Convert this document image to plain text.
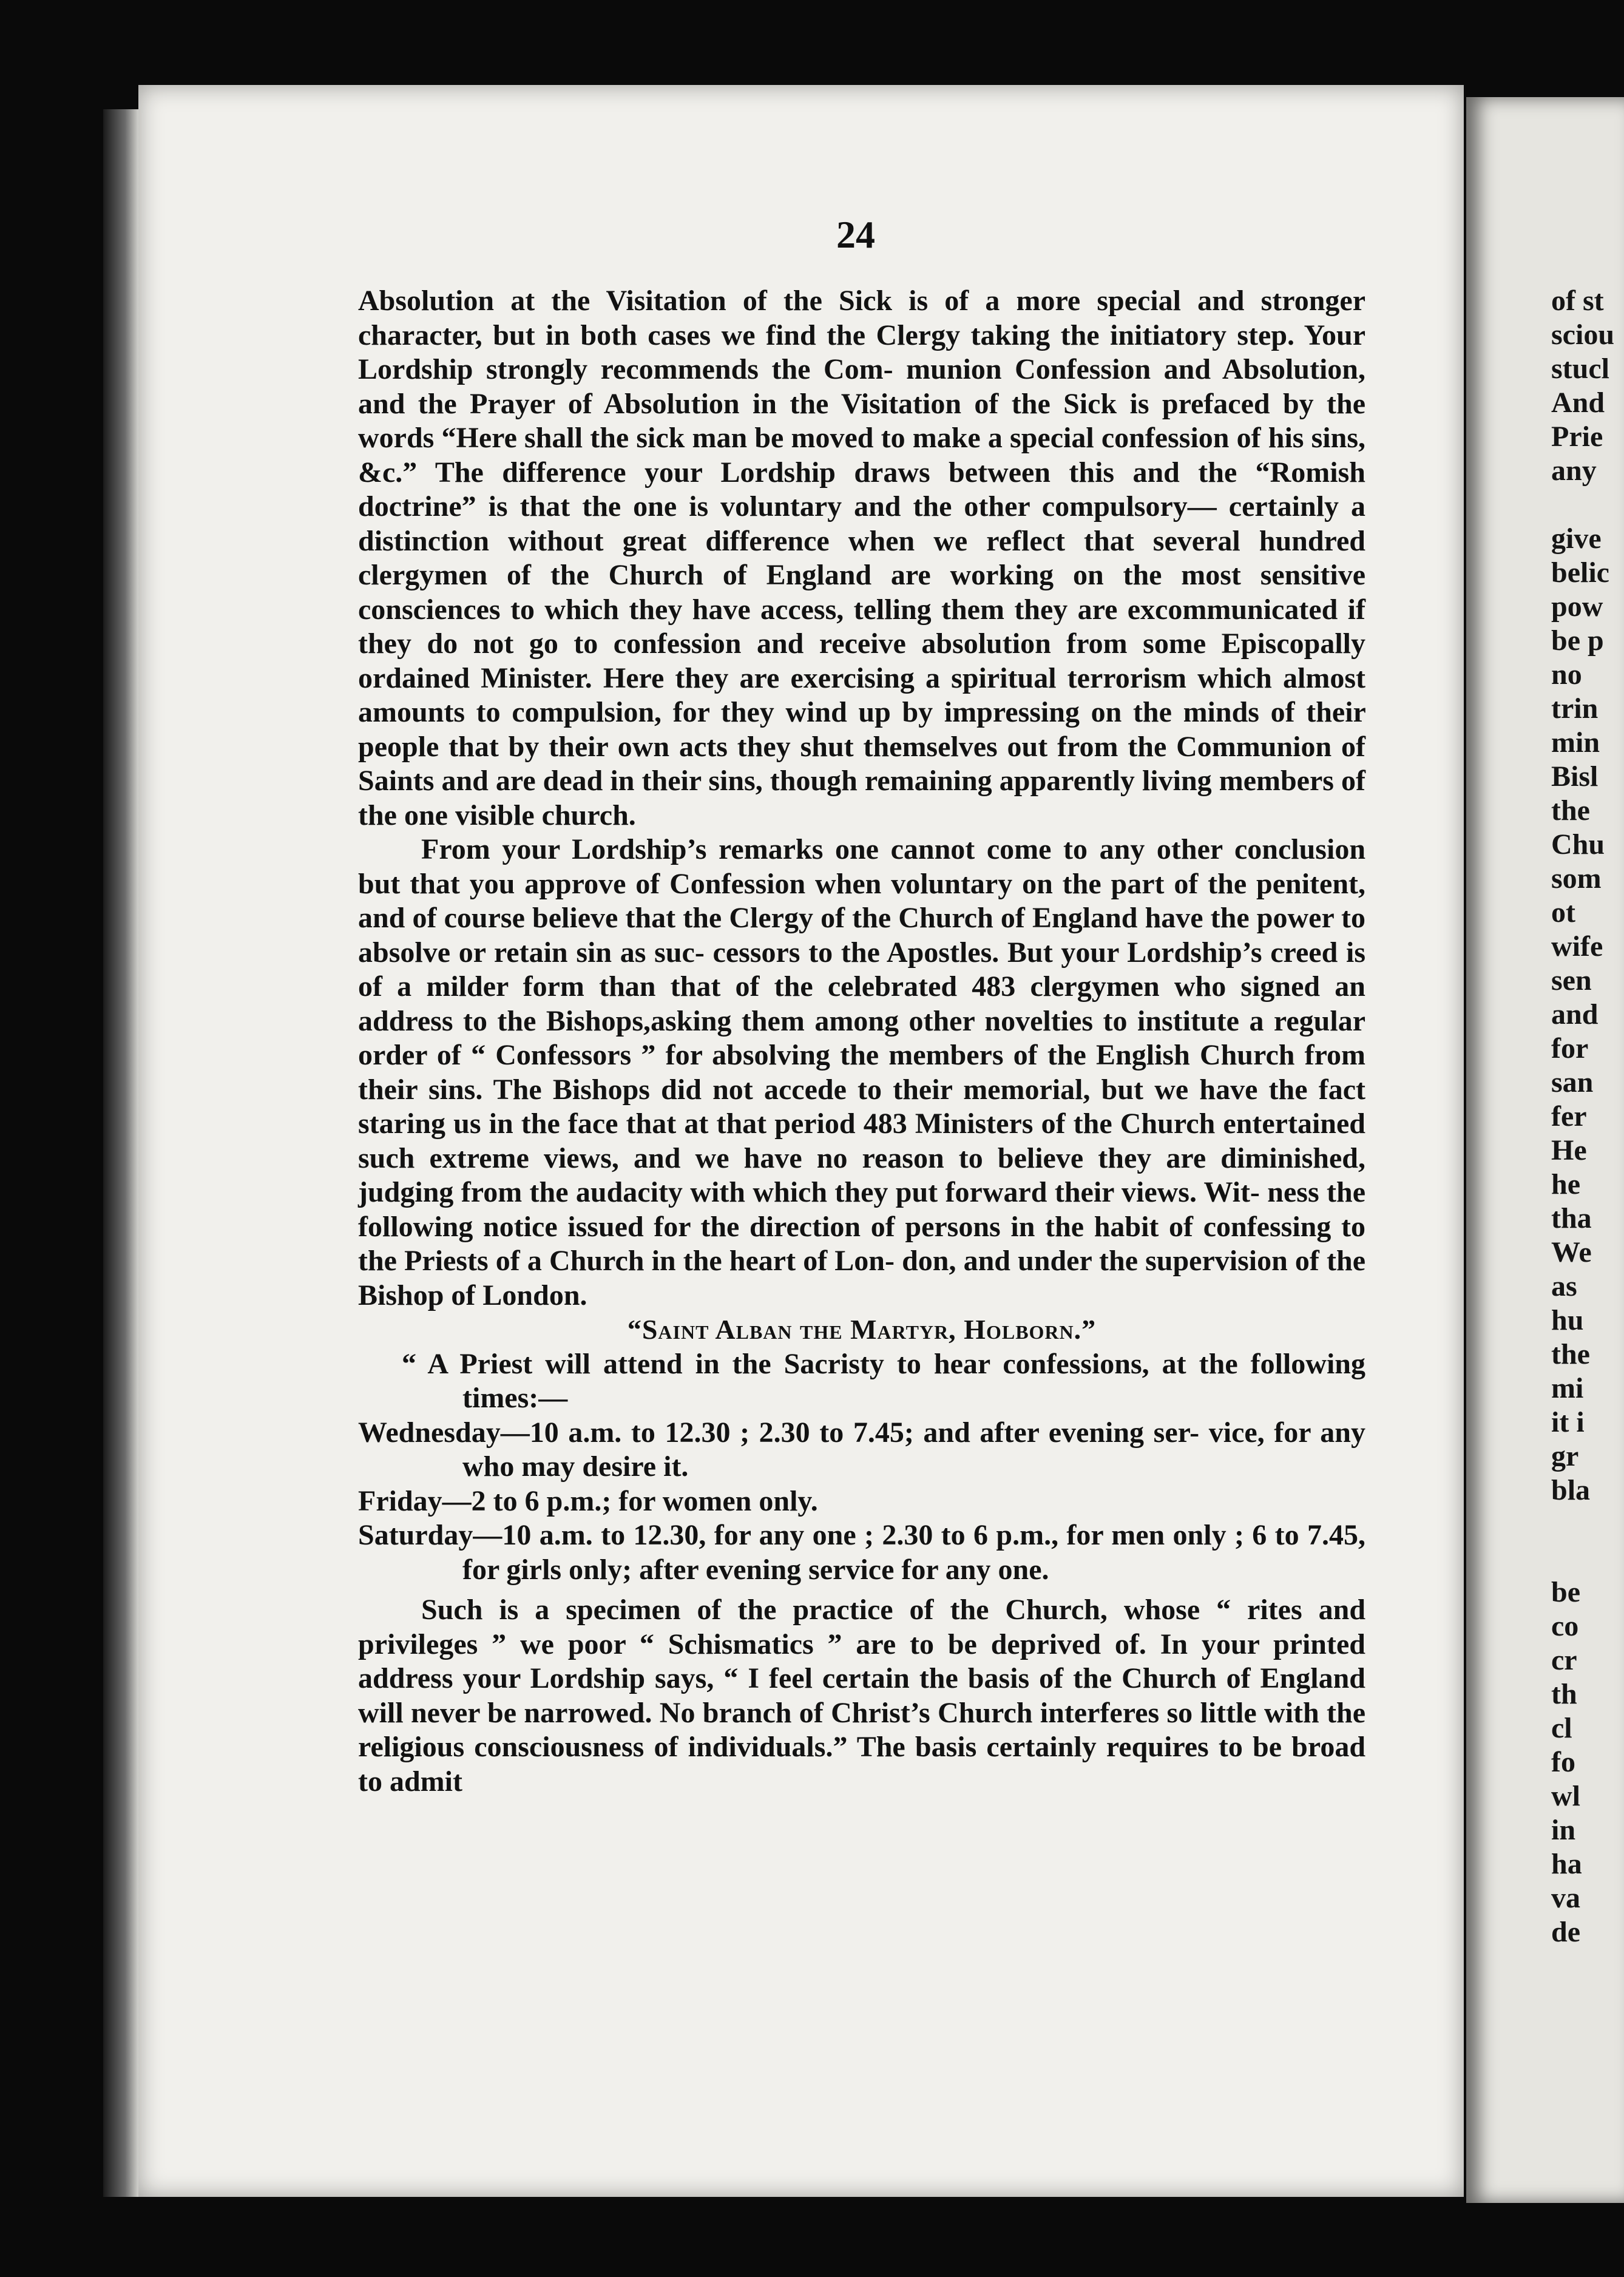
24

Absolution at the Visitation of the Sick is of a more special and stronger character, but in both cases we find the Clergy taking the initiatory step. Your Lordship strongly recommends the Com- munion Confession and Absolution, and the Prayer of Absolution in the Visitation of the Sick is prefaced by the words “Here shall the sick man be moved to make a special confession of his sins, &c.” The difference your Lordship draws between this and the “Romish doctrine” is that the one is voluntary and the other compulsory— certainly a distinction without great difference when we reflect that several hundred clergymen of the Church of England are working on the most sensitive consciences to which they have access, telling them they are excommunicated if they do not go to confession and receive absolution from some Episcopally ordained Minister. Here they are exercising a spiritual terrorism which almost amounts to compulsion, for they wind up by impressing on the minds of their people that by their own acts they shut themselves out from the Communion of Saints and are dead in their sins, though remaining apparently living members of the one visible church.

From your Lordship’s remarks one cannot come to any other conclusion but that you approve of Confession when voluntary on the part of the penitent, and of course believe that the Clergy of the Church of England have the power to absolve or retain sin as suc- cessors to the Apostles. But your Lordship’s creed is of a milder form than that of the celebrated 483 clergymen who signed an address to the Bishops,asking them among other novelties to institute a regular order of “ Confessors ” for absolving the members of the English Church from their sins. The Bishops did not accede to their memorial, but we have the fact staring us in the face that at that period 483 Ministers of the Church entertained such extreme views, and we have no reason to believe they are diminished, judging from the audacity with which they put forward their views. Wit- ness the following notice issued for the direction of persons in the habit of confessing to the Priests of a Church in the heart of Lon- don, and under the supervision of the Bishop of London.

“Saint Alban the Martyr, Holborn.”

“ A Priest will attend in the Sacristy to hear confessions, at the following times:—

Wednesday—10 a.m. to 12.30 ; 2.30 to 7.45; and after evening ser- vice, for any who may desire it.

Friday—2 to 6 p.m.; for women only.

Saturday—10 a.m. to 12.30, for any one ; 2.30 to 6 p.m., for men only ; 6 to 7.45, for girls only; after evening service for any one.

Such is a specimen of the practice of the Church, whose “ rites and privileges ” we poor “ Schismatics ” are to be deprived of. In your printed address your Lordship says, “ I feel certain the basis of the Church of England will never be narrowed. No branch of Christ’s Church interferes so little with the religious consciousness of individuals.” The basis certainly requires to be broad to admit

of st
sciou
stucl
And
Prie
any
give
belic
pow
be p
no
trin
min
Bisl
the
Chu
som
ot
wife
sen
and
for
san
fer
He
he
tha
We
as
hu
the
mi
it i
gr
bla
be
co
cr
th
cl
fo
wl
in
ha
va
de
